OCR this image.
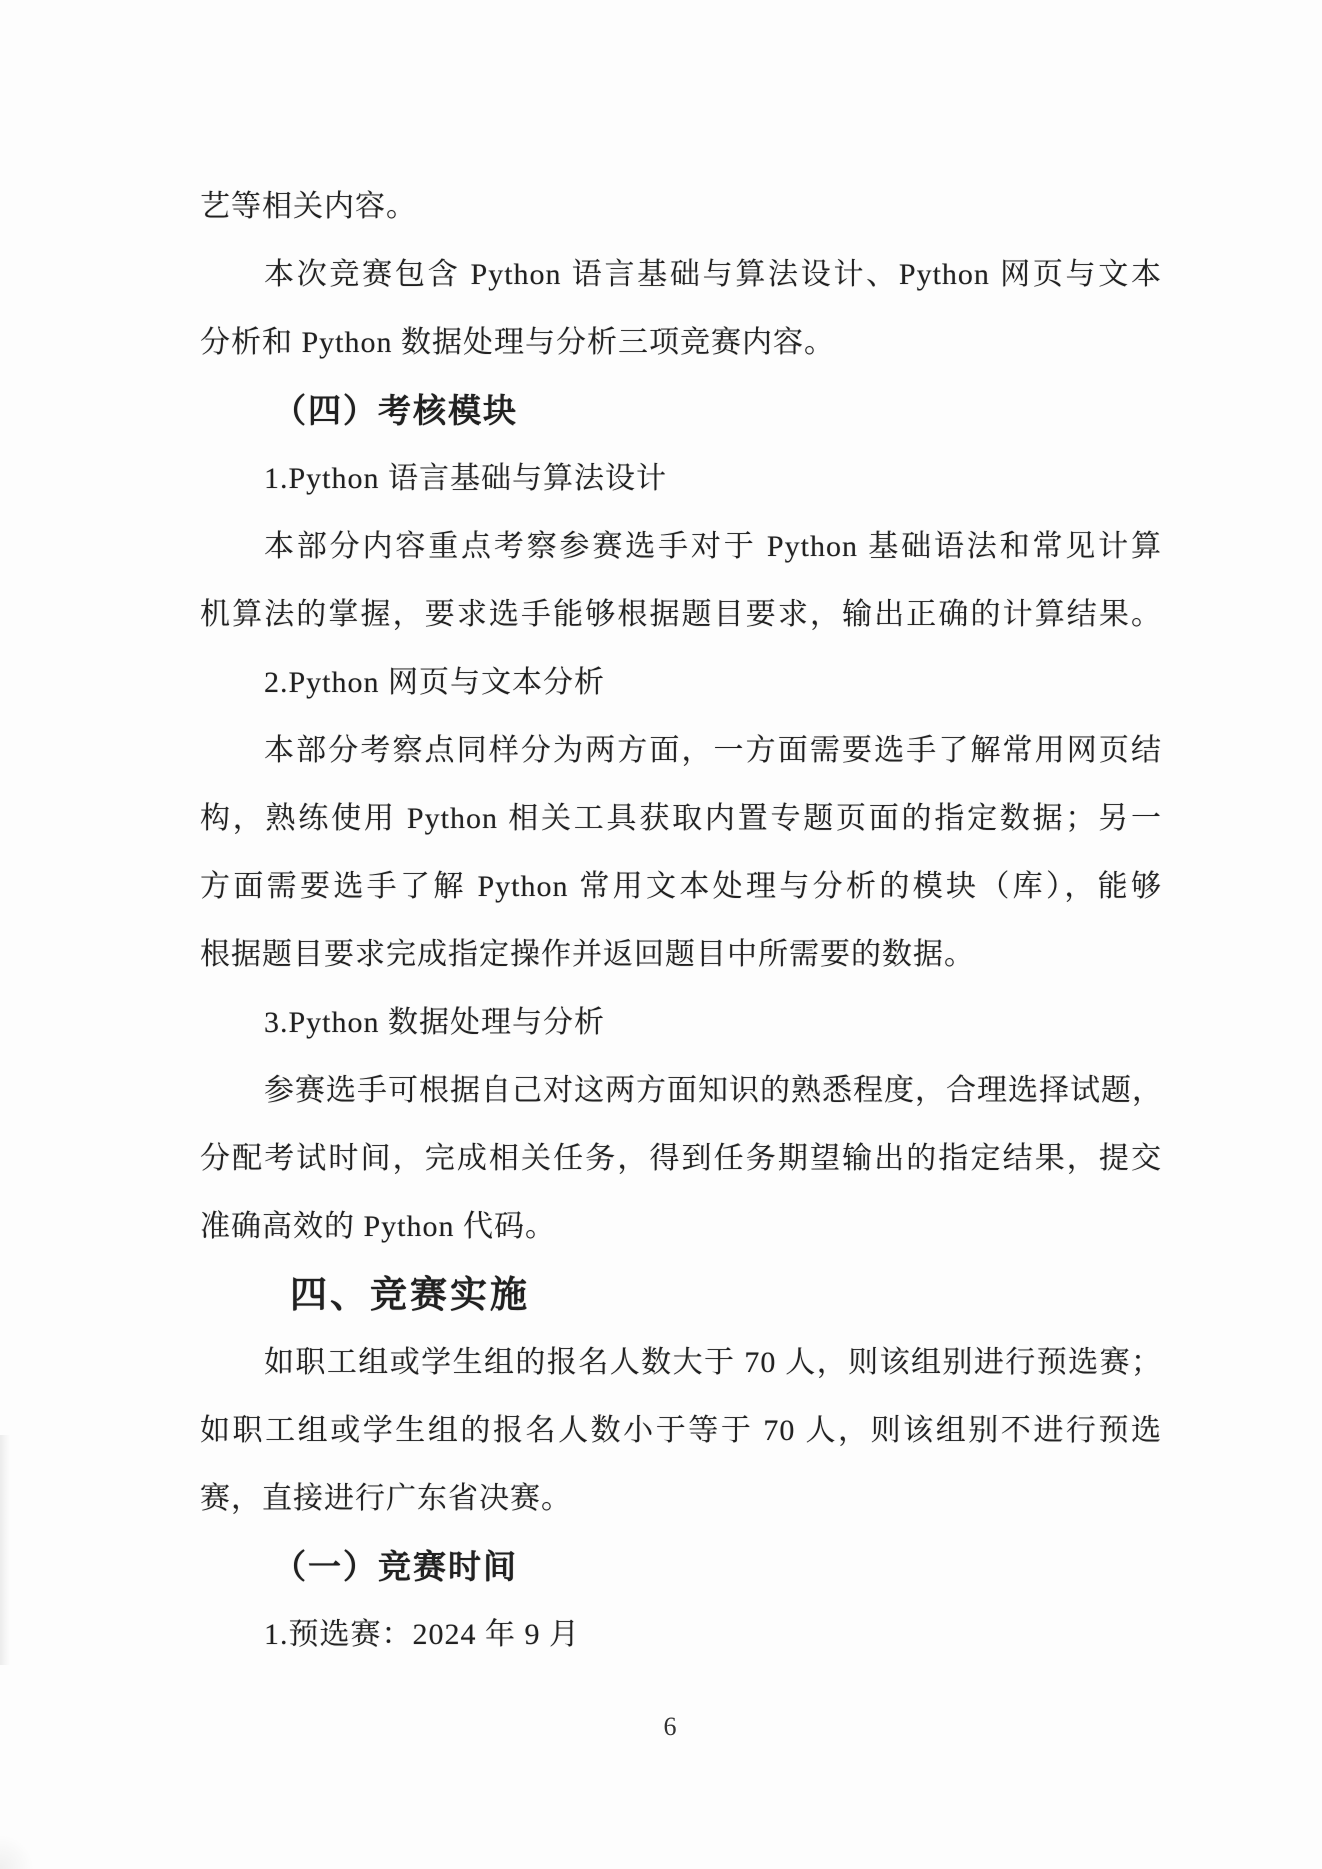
艺等相关内容。
本次竞赛包含 Python 语言基础与算法设计、Python 网页与文本
分析和 Python 数据处理与分析三项竞赛内容。
（四）考核模块
1.Python 语言基础与算法设计
本部分内容重点考察参赛选手对于 Python 基础语法和常见计算
机算法的掌握，要求选手能够根据题目要求，输出正确的计算结果。
2.Python 网页与文本分析
本部分考察点同样分为两方面，一方面需要选手了解常用网页结
构，熟练使用 Python 相关工具获取内置专题页面的指定数据；另一
方面需要选手了解 Python 常用文本处理与分析的模块（库），能够
根据题目要求完成指定操作并返回题目中所需要的数据。
3.Python 数据处理与分析
参赛选手可根据自己对这两方面知识的熟悉程度，合理选择试题，
分配考试时间，完成相关任务，得到任务期望输出的指定结果，提交
准确高效的 Python 代码。
四、竞赛实施
如职工组或学生组的报名人数大于 70 人，则该组别进行预选赛；
如职工组或学生组的报名人数小于等于 70 人，则该组别不进行预选
赛，直接进行广东省决赛。
（一）竞赛时间
1.预选赛：2024 年 9 月
6
